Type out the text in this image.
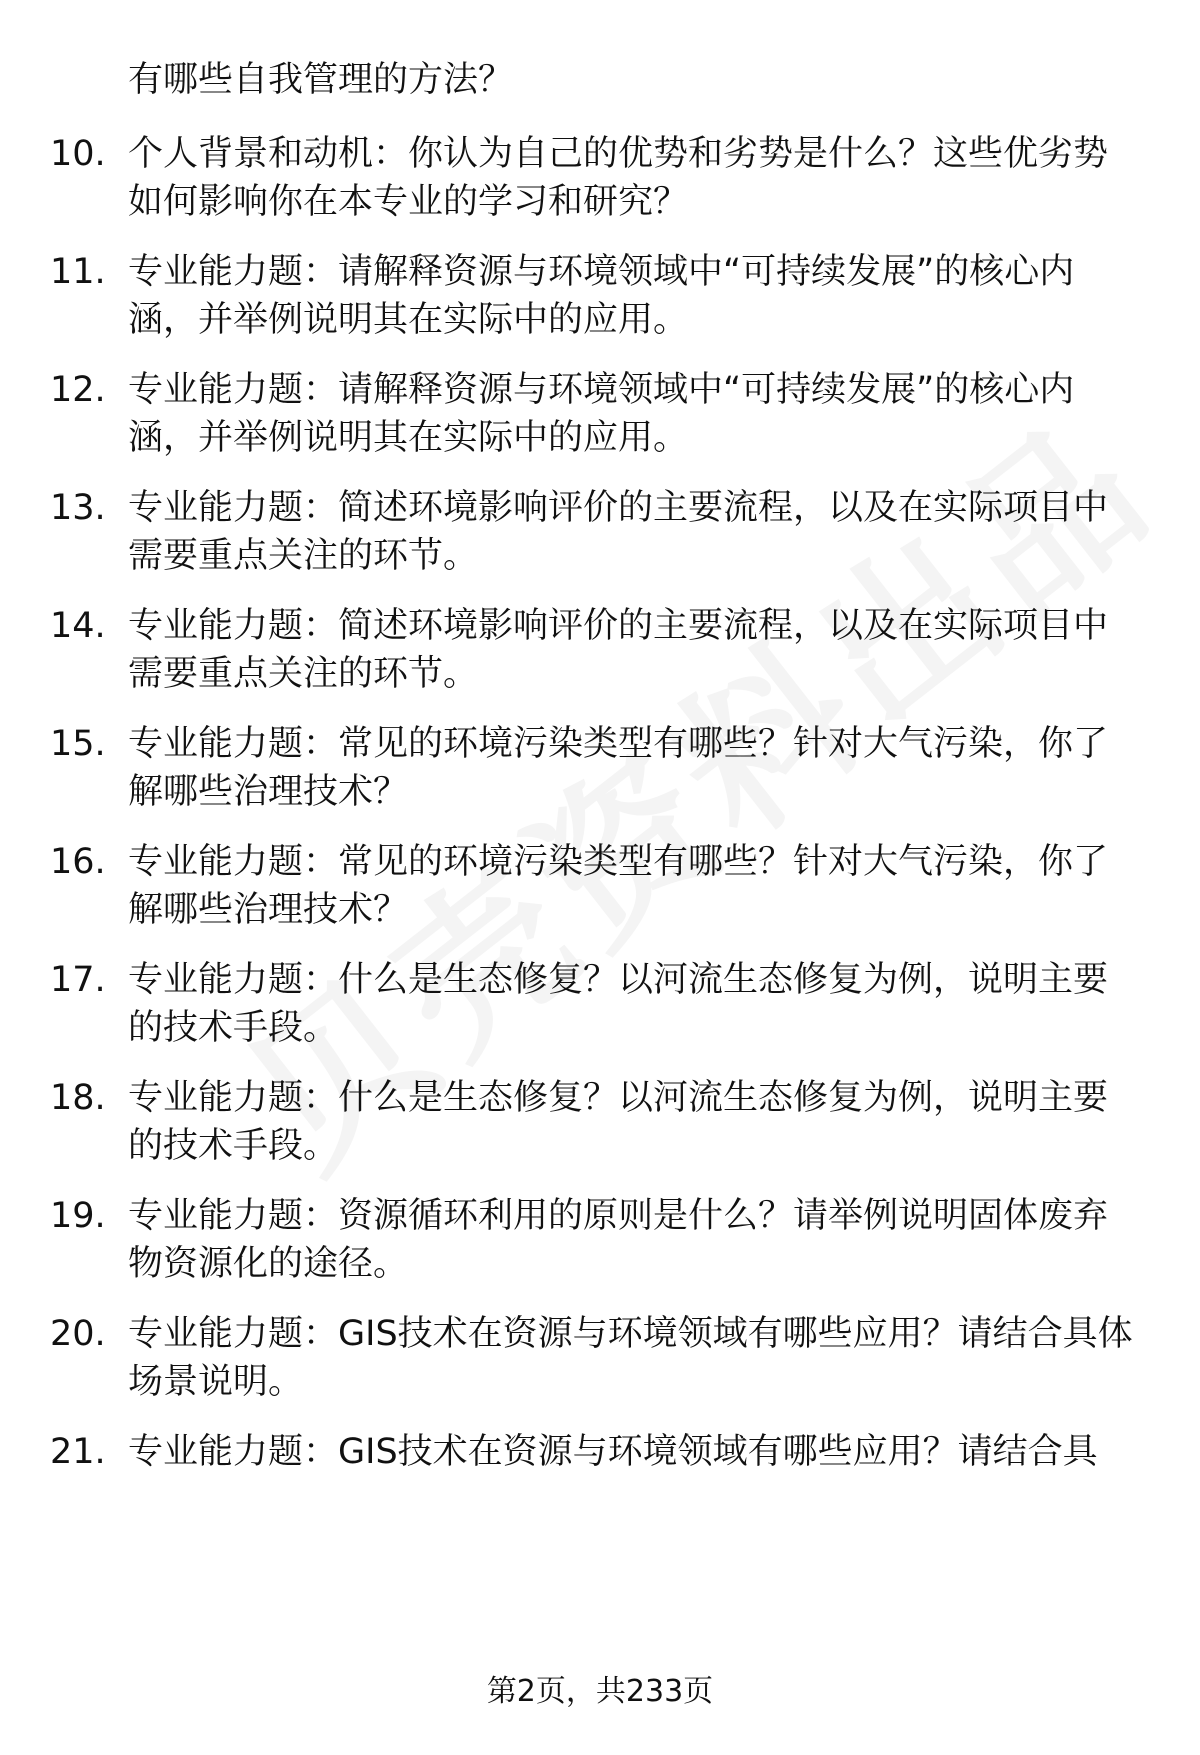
有哪些自我管理的方法？
10. 个人背景和动机：你认为自己的优势和劣势是什么？这些优劣势如何影响你在本专业的学习和研究？
11. 专业能力题：请解释资源与环境领域中“可持续发展”的核心内涵，并举例说明其在实际中的应用。
12. 专业能力题：请解释资源与环境领域中“可持续发展”的核心内涵，并举例说明其在实际中的应用。
13. 专业能力题：简述环境影响评价的主要流程，以及在实际项目中需要重点关注的环节。
14. 专业能力题：简述环境影响评价的主要流程，以及在实际项目中需要重点关注的环节。
15. 专业能力题：常见的环境污染类型有哪些？针对大气污染，你了解哪些治理技术？
16. 专业能力题：常见的环境污染类型有哪些？针对大气污染，你了解哪些治理技术？
17. 专业能力题：什么是生态修复？以河流生态修复为例，说明主要的技术手段。
18. 专业能力题：什么是生态修复？以河流生态修复为例，说明主要的技术手段。
19. 专业能力题：资源循环利用的原则是什么？请举例说明固体废弃物资源化的途径。
20. 专业能力题：GIS技术在资源与环境领域有哪些应用？请结合具体场景说明。
21. 专业能力题：GIS技术在资源与环境领域有哪些应用？请结合具
第2页，共233页
